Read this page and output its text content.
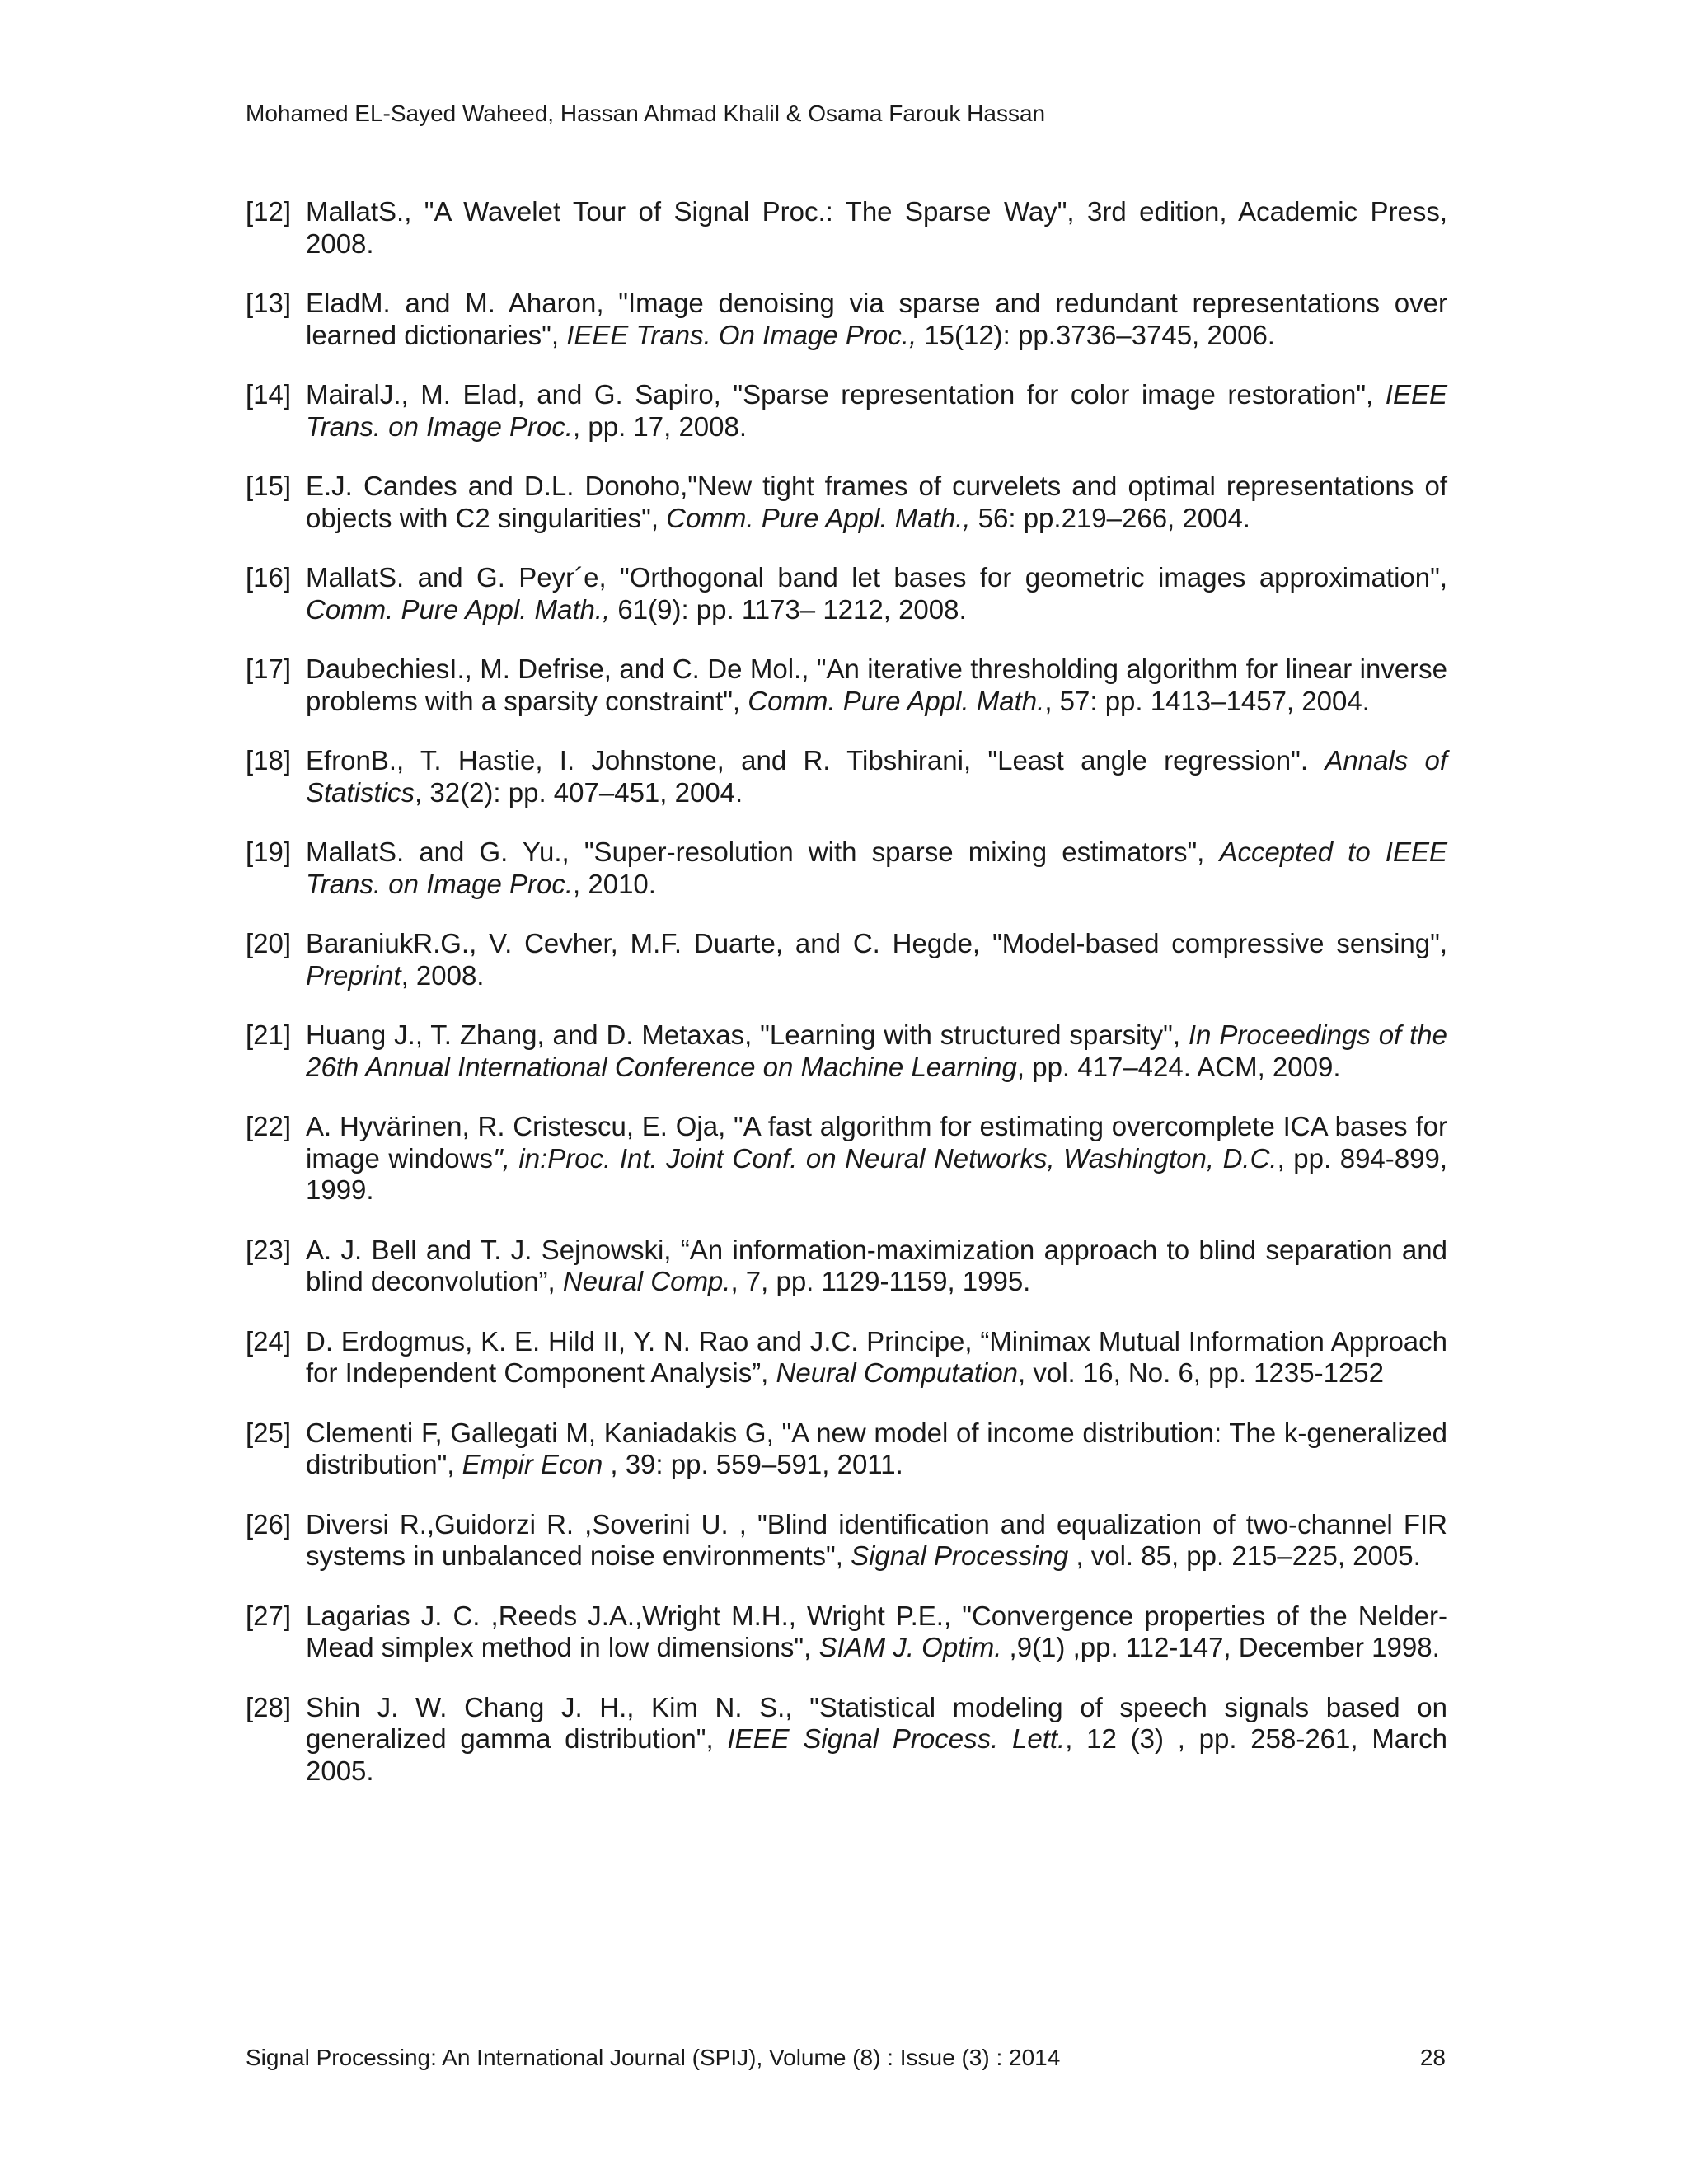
Mohamed EL-Sayed Waheed, Hassan Ahmad Khalil & Osama Farouk Hassan
[12] MallatS., "A Wavelet Tour of Signal Proc.: The Sparse Way", 3rd edition, Academic Press, 2008.
[13] EladM. and M. Aharon, "Image denoising via sparse and redundant representations over learned dictionaries", IEEE Trans. On Image Proc., 15(12): pp.3736–3745, 2006.
[14] MairalJ., M. Elad, and G. Sapiro, "Sparse representation for color image restoration", IEEE Trans. on Image Proc., pp. 17, 2008.
[15] E.J. Candes and D.L. Donoho,"New tight frames of curvelets and optimal representations of objects with C2 singularities", Comm. Pure Appl. Math., 56: pp.219–266, 2004.
[16] MallatS. and G. Peyr´e, "Orthogonal band let bases for geometric images approximation", Comm. Pure Appl. Math., 61(9): pp. 1173– 1212, 2008.
[17] DaubechiesI., M. Defrise, and C. De Mol., "An iterative thresholding algorithm for linear inverse problems with a sparsity constraint", Comm. Pure Appl. Math., 57: pp. 1413–1457, 2004.
[18] EfronB., T. Hastie, I. Johnstone, and R. Tibshirani, "Least angle regression". Annals of Statistics, 32(2): pp. 407–451, 2004.
[19] MallatS. and G. Yu., "Super-resolution with sparse mixing estimators", Accepted to IEEE Trans. on Image Proc., 2010.
[20] BaraniukR.G., V. Cevher, M.F. Duarte, and C. Hegde, "Model-based compressive sensing", Preprint, 2008.
[21] Huang J., T. Zhang, and D. Metaxas, "Learning with structured sparsity", In Proceedings of the 26th Annual International Conference on Machine Learning, pp. 417–424. ACM, 2009.
[22] A. Hyvärinen, R. Cristescu, E. Oja, "A fast algorithm for estimating overcomplete ICA bases for image windows", in:Proc. Int. Joint Conf. on Neural Networks, Washington, D.C., pp. 894-899, 1999.
[23] A. J. Bell and T. J. Sejnowski, “An information-maximization approach to blind separation and blind deconvolution”, Neural Comp., 7, pp. 1129-1159, 1995.
[24] D. Erdogmus, K. E. Hild II, Y. N. Rao and J.C. Principe, “Minimax Mutual Information Approach for Independent Component Analysis”, Neural Computation, vol. 16, No. 6, pp. 1235-1252
[25] Clementi F, Gallegati M, Kaniadakis G, "A new model of income distribution: The k-generalized distribution", Empir Econ , 39: pp. 559–591, 2011.
[26] Diversi R.,Guidorzi R. ,Soverini U. , "Blind identification and equalization of two-channel FIR systems in unbalanced noise environments", Signal Processing , vol. 85, pp. 215–225, 2005.
[27] Lagarias J. C. ,Reeds J.A.,Wright M.H., Wright P.E., "Convergence properties of the Nelder-Mead simplex method in low dimensions", SIAM J. Optim. ,9(1) ,pp. 112-147, December 1998.
[28] Shin J. W. Chang J. H., Kim N. S., "Statistical modeling of speech signals based on generalized gamma distribution", IEEE Signal Process. Lett., 12 (3) , pp. 258-261, March 2005.
Signal Processing: An International Journal (SPIJ), Volume (8) : Issue (3) : 2014	28
